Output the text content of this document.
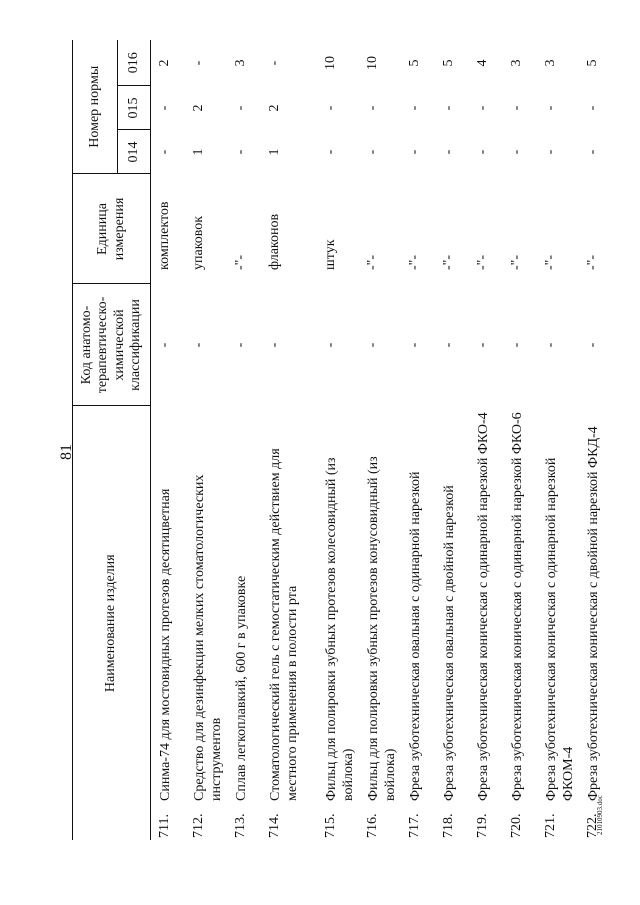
81
Наименование изделия		Код анатомо-терапевтическо-химической классификации	Единица измерения	Номер нормы		
				014	015	016
711.	Синма-74 для мостовидных протезов десятицветная	-	комплектов	-	-	2
712.	Средство для дезинфекции мелких стоматологических инструментов	-	упаковок	1	2	-
713.	Сплав легкоплавкий, 600 г в упаковке	-	-"-	-	-	3
714.	Стоматологический гель с гемостатическим действием для местного применения в полости рта	-	флаконов	1	2	-
715.	Фильц для полировки зубных протезов колесовидный (из войлока)	-	штук	-	-	10
716.	Фильц для полировки зубных протезов конусовидный (из войлока)	-	-"-	-	-	10
717.	Фреза зуботехническая овальная с одинарной нарезкой	-	-"-	-	-	5
718.	Фреза зуботехническая овальная с двойной нарезкой	-	-"-	-	-	5
719.	Фреза зуботехническая коническая с одинарной нарезкой ФКО-4	-	-"-	-	-	4
720.	Фреза зуботехническая коническая с одинарной нарезкой ФКО-6	-	-"-	-	-	3
721.	Фреза зуботехническая коническая с одинарной нарезкой ФКОМ-4	-	-"-	-	-	3
722.	Фреза зуботехническая коническая с двойной нарезкой ФКД-4	-	-"-	-	-	5
21010903.doc
